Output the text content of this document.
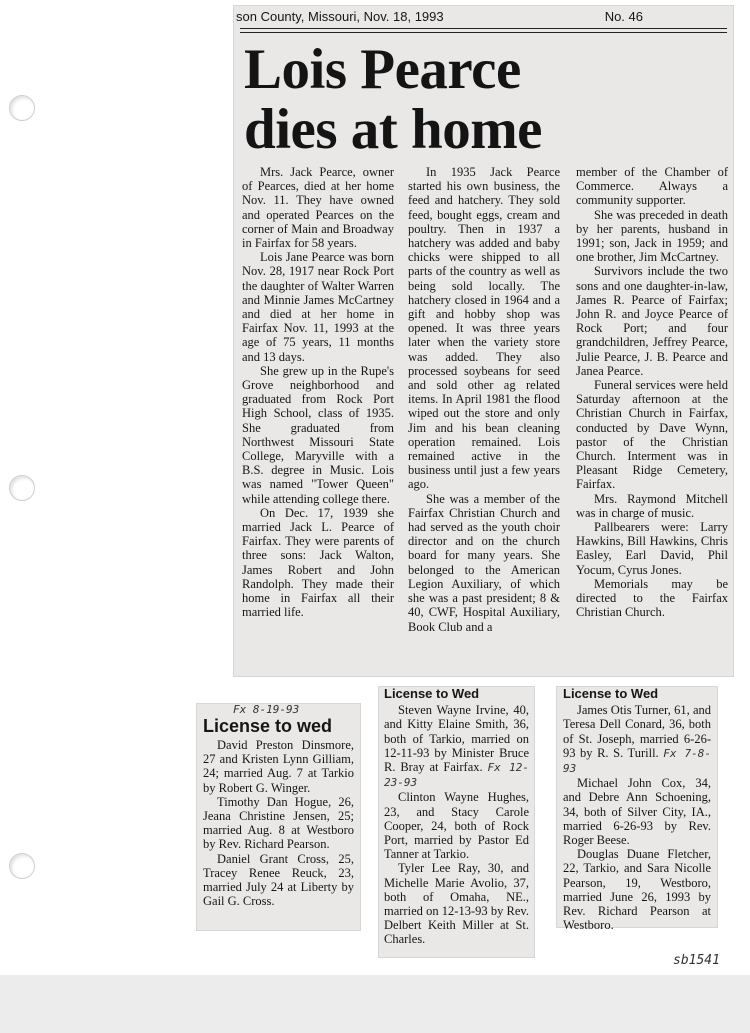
son County, Missouri, Nov. 18, 1993	No. 46
Lois Pearce
dies at home

Mrs. Jack Pearce, owner of Pearces, died at her home Nov. 11. They have owned and operated Pearces on the corner of Main and Broadway in Fairfax for 58 years.

Lois Jane Pearce was born Nov. 28, 1917 near Rock Port the daughter of Walter Warren and Minnie James McCartney and died at her home in Fairfax Nov. 11, 1993 at the age of 75 years, 11 months and 13 days.

She grew up in the Rupe's Grove neighborhood and graduated from Rock Port High School, class of 1935. She graduated from Northwest Missouri State College, Maryville with a B.S. degree in Music. Lois was named "Tower Queen" while attending college there.

On Dec. 17, 1939 she married Jack L. Pearce of Fairfax. They were parents of three sons: Jack Walton, James Robert and John Randolph. They made their home in Fairfax all their married life.

In 1935 Jack Pearce started his own business, the feed and hatchery. They sold feed, bought eggs, cream and poultry. Then in 1937 a hatchery was added and baby chicks were shipped to all parts of the country as well as being sold locally. The hatchery closed in 1964 and a gift and hobby shop was opened. It was three years later when the variety store was added. They also processed soybeans for seed and sold other ag related items. In April 1981 the flood wiped out the store and only Jim and his bean cleaning operation remained. Lois remained active in the business until just a few years ago.

She was a member of the Fairfax Christian Church and had served as the youth choir director and on the church board for many years. She belonged to the American Legion Auxiliary, of which she was a past president; 8 & 40, CWF, Hospital Auxiliary, Book Club and a

member of the Chamber of Commerce. Always a community supporter.

She was preceded in death by her parents, husband in 1991; son, Jack in 1959; and one brother, Jim McCartney.

Survivors include the two sons and one daughter-in-law, James R. Pearce of Fairfax; John R. and Joyce Pearce of Rock Port; and four grandchildren, Jeffrey Pearce, Julie Pearce, J. B. Pearce and Janea Pearce.

Funeral services were held Saturday afternoon at the Christian Church in Fairfax, conducted by Dave Wynn, pastor of the Christian Church. Interment was in Pleasant Ridge Cemetery, Fairfax.

Mrs. Raymond Mitchell was in charge of music.

Pallbearers were: Larry Hawkins, Bill Hawkins, Chris Easley, Earl David, Phil Yocum, Cyrus Jones.

Memorials may be directed to the Fairfax Christian Church.

Fx 8-19-93
License to wed

David Preston Dinsmore, 27 and Kristen Lynn Gilliam, 24; married Aug. 7 at Tarkio by Robert G. Winger.

Timothy Dan Hogue, 26, Jeana Christine Jensen, 25; married Aug. 8 at Westboro by Rev. Richard Pearson.

Daniel Grant Cross, 25, Tracey Renee Reuck, 23, married July 24 at Liberty by Gail G. Cross.

License to Wed

Steven Wayne Irvine, 40, and Kitty Elaine Smith, 36, both of Tarkio, married on 12-11-93 by Minister Bruce R. Bray at Fairfax. Fx 12-23-93

Clinton Wayne Hughes, 23, and Stacy Carole Cooper, 24, both of Rock Port, married by Pastor Ed Tanner at Tarkio.

Tyler Lee Ray, 30, and Michelle Marie Avolio, 37, both of Omaha, NE., married on 12-13-93 by Rev. Delbert Keith Miller at St. Charles.

License to Wed

James Otis Turner, 61, and Teresa Dell Conard, 36, both of St. Joseph, married 6-26-93 by R. S. Turill. Fx 7-8-93

Michael John Cox, 34, and Debre Ann Schoening, 34, both of Silver City, IA., married 6-26-93 by Rev. Roger Beese.

Douglas Duane Fletcher, 22, Tarkio, and Sara Nicolle Pearson, 19, Westboro, married June 26, 1993 by Rev. Richard Pearson at Westboro.

sb1541
